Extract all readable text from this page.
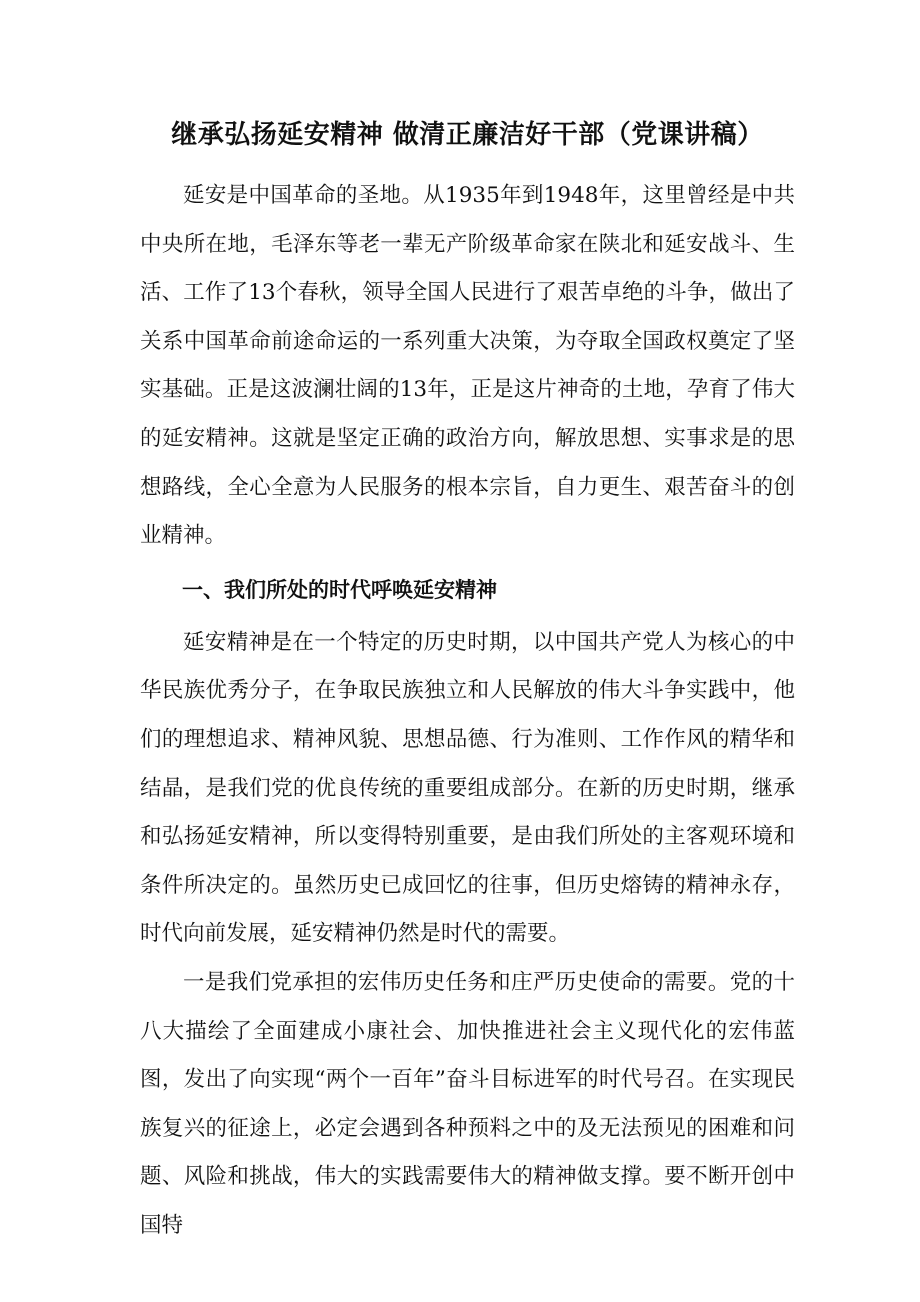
继承弘扬延安精神 做清正廉洁好干部（党课讲稿）

延安是中国革命的圣地。从1935年到1948年，这里曾经是中共中央所在地，毛泽东等老一辈无产阶级革命家在陕北和延安战斗、生活、工作了13个春秋，领导全国人民进行了艰苦卓绝的斗争，做出了关系中国革命前途命运的一系列重大决策，为夺取全国政权奠定了坚实基础。正是这波澜壮阔的13年，正是这片神奇的土地，孕育了伟大的延安精神。这就是坚定正确的政治方向，解放思想、实事求是的思想路线，全心全意为人民服务的根本宗旨，自力更生、艰苦奋斗的创业精神。

一、我们所处的时代呼唤延安精神

延安精神是在一个特定的历史时期，以中国共产党人为核心的中华民族优秀分子，在争取民族独立和人民解放的伟大斗争实践中，他们的理想追求、精神风貌、思想品德、行为准则、工作作风的精华和结晶，是我们党的优良传统的重要组成部分。在新的历史时期，继承和弘扬延安精神，所以变得特别重要，是由我们所处的主客观环境和条件所决定的。虽然历史已成回忆的往事，但历史熔铸的精神永存，时代向前发展，延安精神仍然是时代的需要。

一是我们党承担的宏伟历史任务和庄严历史使命的需要。党的十八大描绘了全面建成小康社会、加快推进社会主义现代化的宏伟蓝图，发出了向实现“两个一百年”奋斗目标进军的时代号召。在实现民族复兴的征途上，必定会遇到各种预料之中的及无法预见的困难和问题、风险和挑战，伟大的实践需要伟大的精神做支撑。要不断开创中国特
